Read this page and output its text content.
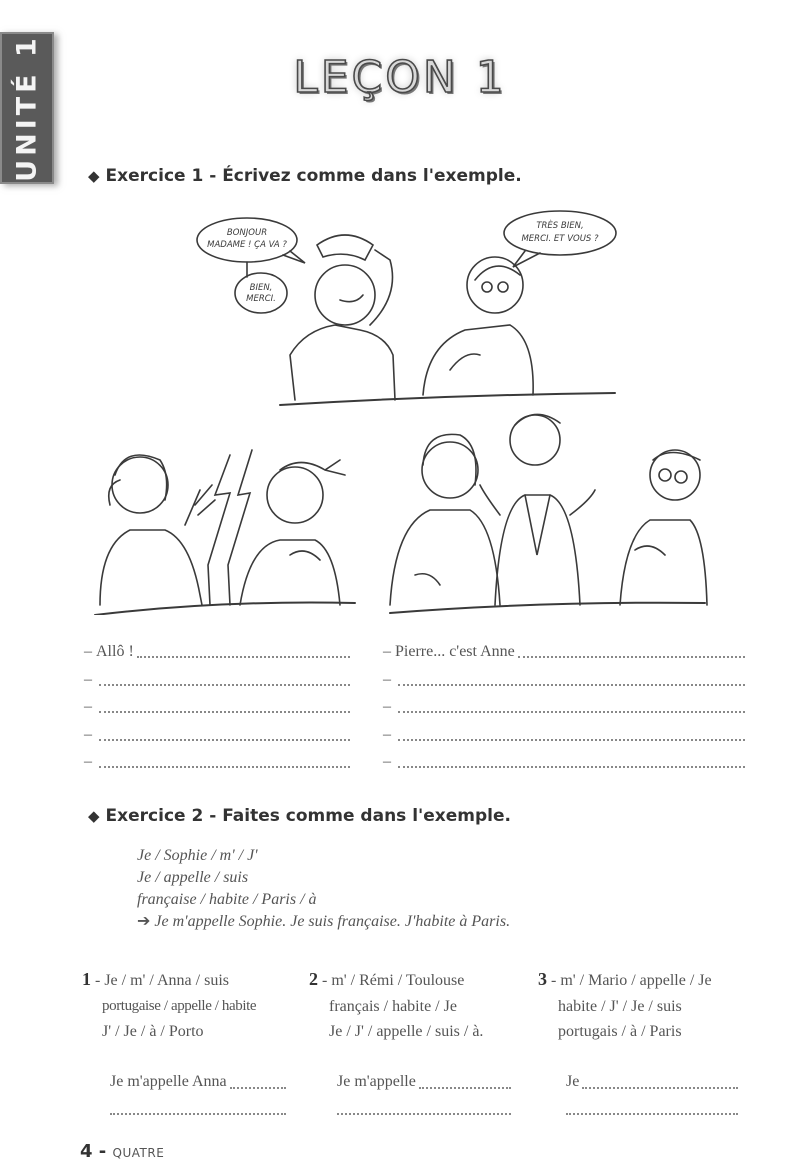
UNITÉ 1	LEÇON 1
◆ Exercice 1 - Écrivez comme dans l'exemple.
BONJOUR
MADAME ! ÇA VA ?
BIEN,
MERCI.
TRÈS BIEN,
MERCI. ET VOUS ?
– Allô !
–
–
–
–
– Pierre... c'est Anne
–
–
–
–
◆ Exercice 2 - Faites comme dans l'exemple.
Je / Sophie / m' / J'
Je / appelle / suis
française / habite / Paris / à
➔ Je m'appelle Sophie. Je suis française. J'habite à Paris.
1 - Je / m' / Anna / suis
portugaise / appelle / habite
J' / Je / à / Porto
Je m'appelle Anna
2 - m' / Rémi / Toulouse
français / habite / Je
Je / J' / appelle / suis / à.
Je m'appelle
3 - m' / Mario / appelle / Je
habite / J' / Je / suis
portugais / à / Paris
Je
4 - QUATRE
